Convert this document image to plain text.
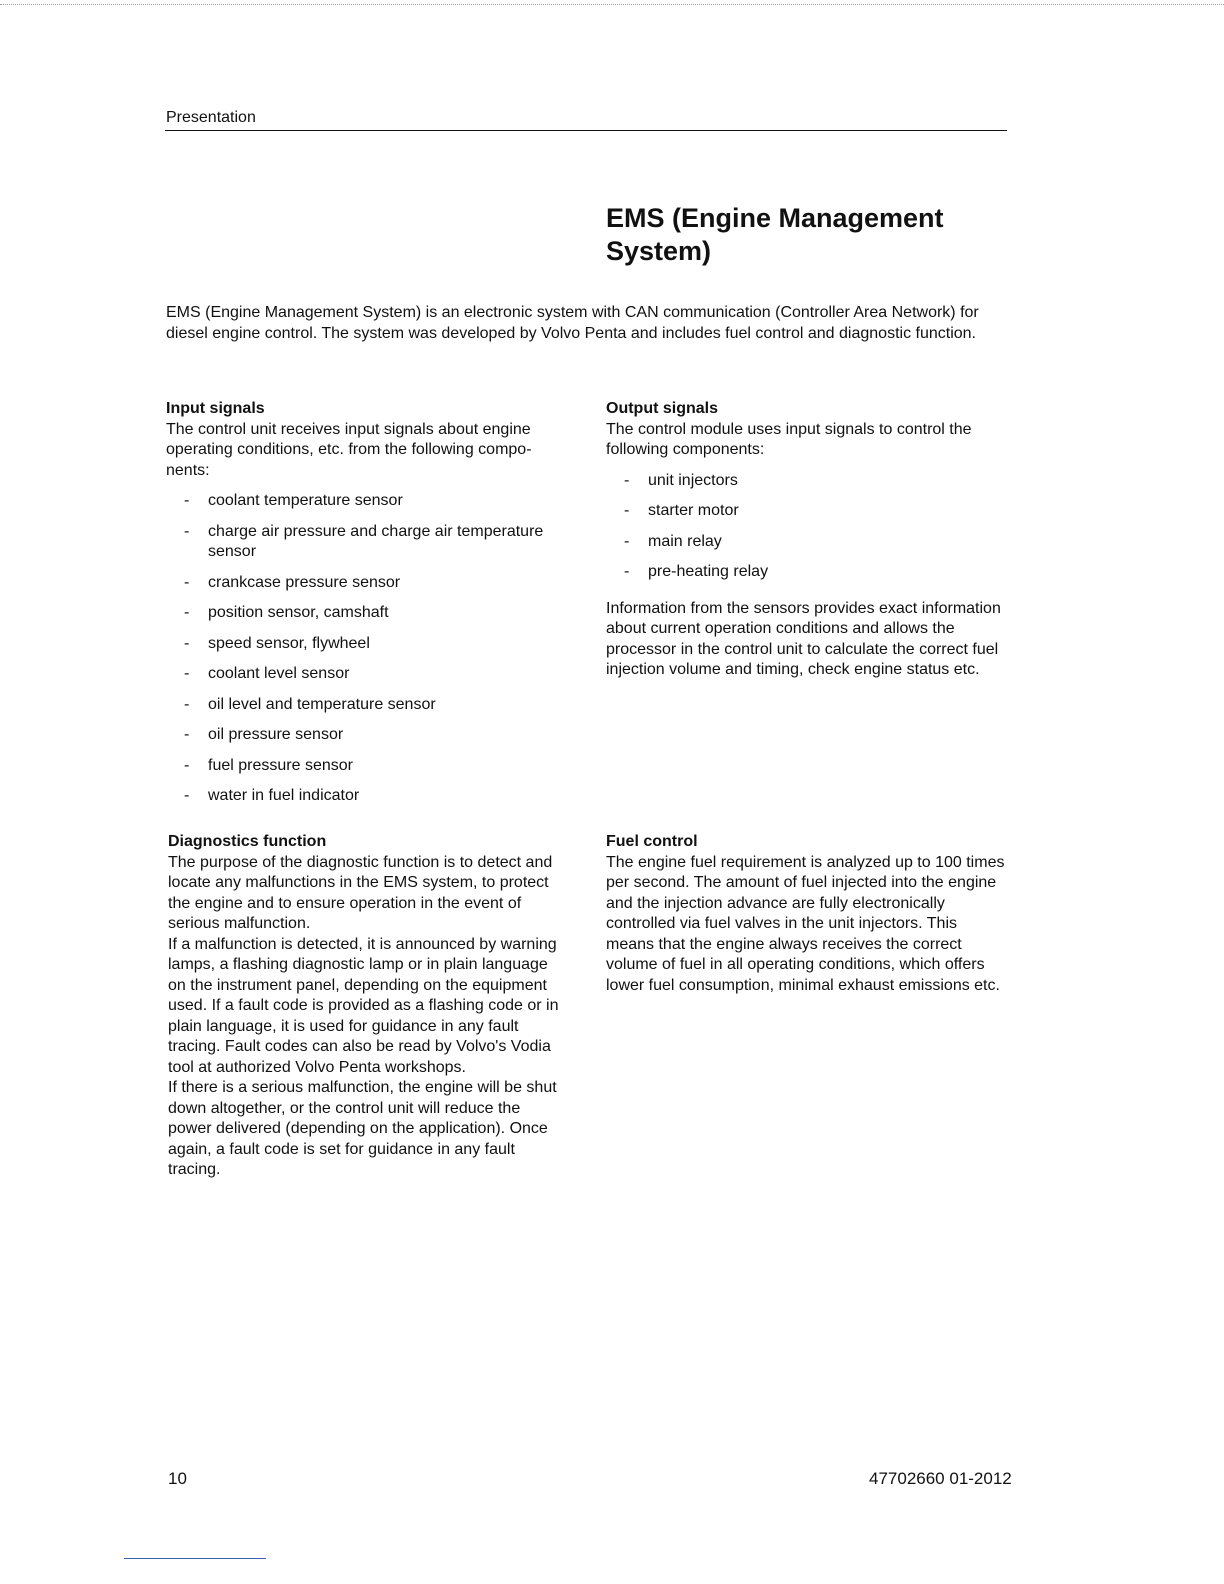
Presentation
EMS (Engine Management System)

EMS (Engine Management System) is an electronic system with CAN communication (Controller Area Network) for diesel engine control. The system was developed by Volvo Penta and includes fuel control and diagnostic function.

Input signals

The control unit receives input signals about engine operating conditions, etc. from the following components:

- coolant temperature sensor
- charge air pressure and charge air temperature sensor
- crankcase pressure sensor
- position sensor, camshaft
- speed sensor, flywheel
- coolant level sensor
- oil level and temperature sensor
- oil pressure sensor
- fuel pressure sensor
- water in fuel indicator
Output signals

The control module uses input signals to control the following components:

- unit injectors
- starter motor
- main relay
- pre-heating relay

Information from the sensors provides exact information about current operation conditions and allows the processor in the control unit to calculate the correct fuel injection volume and timing, check engine status etc.

Diagnostics function

The purpose of the diagnostic function is to detect and locate any malfunctions in the EMS system, to protect the engine and to ensure operation in the event of serious malfunction.

If a malfunction is detected, it is announced by warning lamps, a flashing diagnostic lamp or in plain language on the instrument panel, depending on the equipment used. If a fault code is provided as a flashing code or in plain language, it is used for guidance in any fault tracing. Fault codes can also be read by Volvo's Vodia tool at authorized Volvo Penta workshops.

If there is a serious malfunction, the engine will be shut down altogether, or the control unit will reduce the power delivered (depending on the application). Once again, a fault code is set for guidance in any fault tracing.

Fuel control

The engine fuel requirement is analyzed up to 100 times per second. The amount of fuel injected into the engine and the injection advance are fully electronically controlled via fuel valves in the unit injectors. This means that the engine always receives the correct volume of fuel in all operating conditions, which offers lower fuel consumption, minimal exhaust emissions etc.

10	47702660 01-2012
